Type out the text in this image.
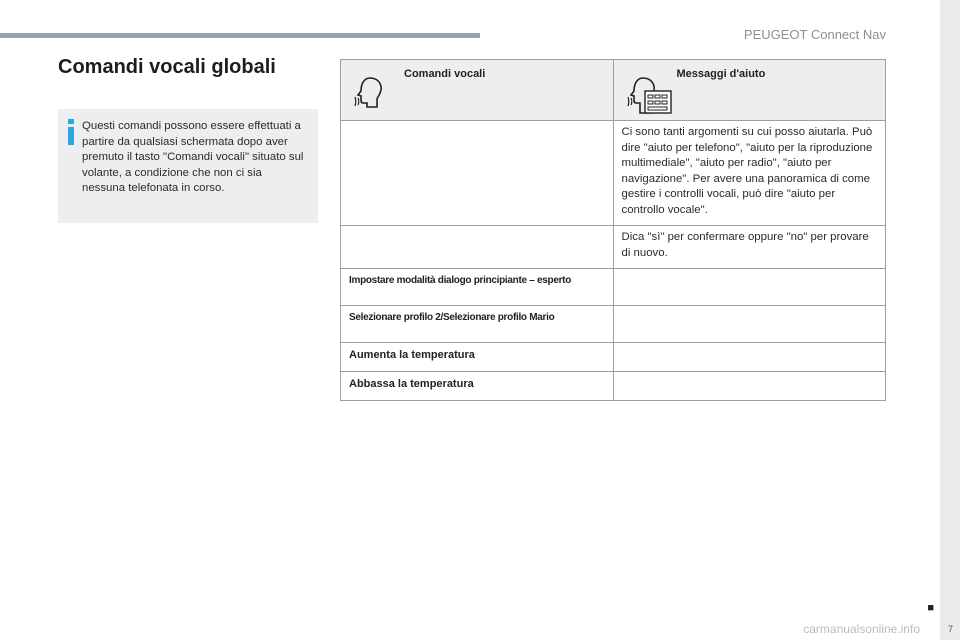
PEUGEOT Connect Nav
Comandi vocali globali
Questi comandi possono essere effettuati a partire da qualsiasi schermata dopo aver premuto il tasto "Comandi vocali" situato sul volante, a condizione che non ci sia nessuna telefonata in corso.
Comandi vocali	Messaggi d'aiuto

	Ci sono tanti argomenti su cui posso aiutarla. Può dire "aiuto per telefono", "aiuto per la riproduzione multimediale", "aiuto per radio", "aiuto per navigazione". Per avere una panoramica di come gestire i controlli vocali, può dire "aiuto per controllo vocale".
	Dica "sì" per confermare oppure "no" per provare di nuovo.
Impostare modalità dialogo principiante – esperto	
Selezionare profilo 2/Selezionare profilo Mario	
Aumenta la temperatura	
Abbassa la temperatura	
■
7
carmanualsonline.info
